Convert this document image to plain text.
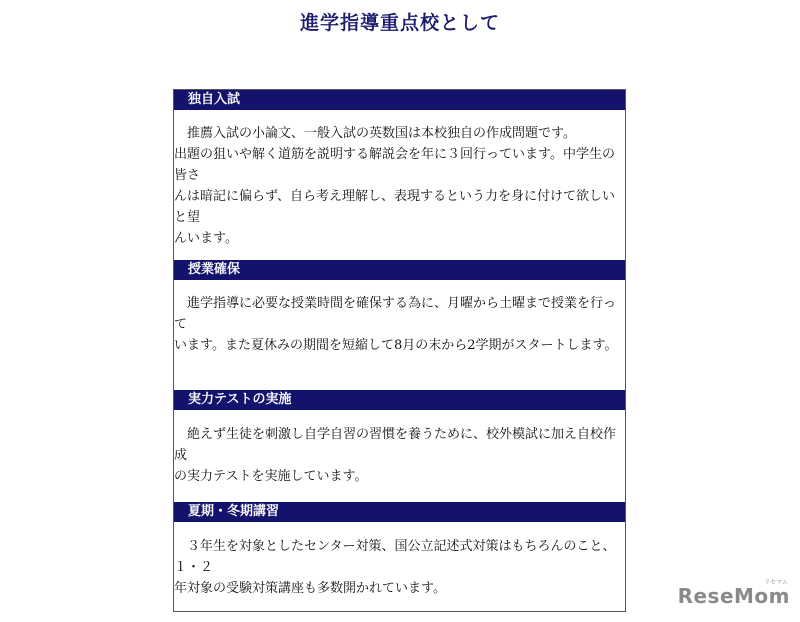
進学指導重点校として
独自入試
　推薦入試の小論文、一般入試の英数国は本校独自の作成問題です。
出題の狙いや解く道筋を説明する解説会を年に３回行っています。中学生の皆さ
んは暗記に偏らず、自ら考え理解し、表現するという力を身に付けて欲しいと望
んいます。
授業確保
　進学指導に必要な授業時間を確保する為に、月曜から土曜まで授業を行って
います。また夏休みの期間を短縮して8月の末から2学期がスタートします。
実力テストの実施
　絶えず生徒を刺激し自学自習の習慣を養うために、校外模試に加え自校作成
の実力テストを実施しています。
夏期・冬期講習
　３年生を対象としたセンター対策、国公立記述式対策はもちろんのこと、１・２
年対象の受験対策講座も多数開かれています。	リセマム
ReseMom
